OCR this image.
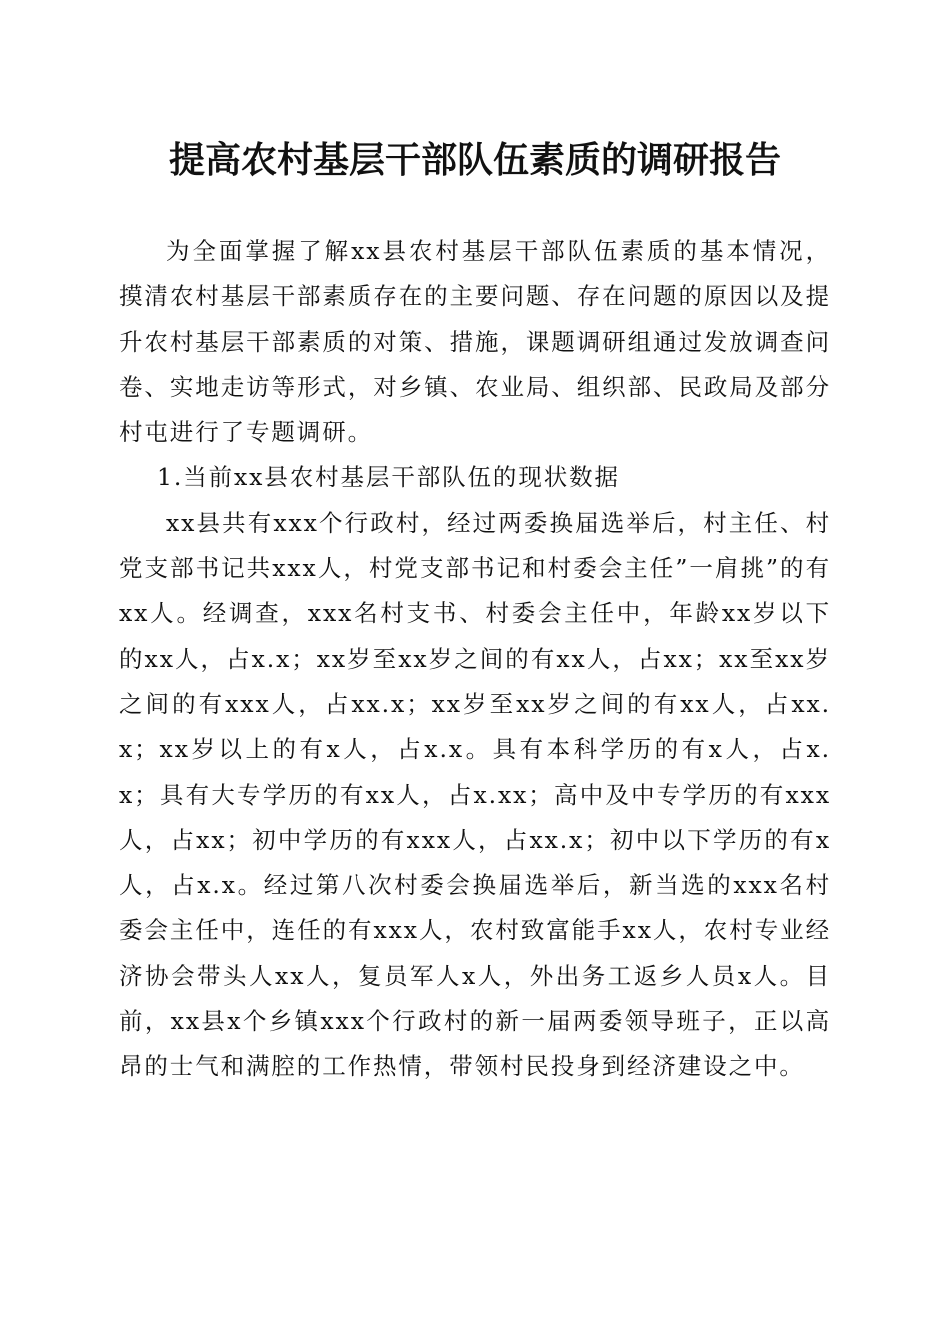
提高农村基层干部队伍素质的调研报告

为全面掌握了解xx县农村基层干部队伍素质的基本情况，摸清农村基层干部素质存在的主要问题、存在问题的原因以及提升农村基层干部素质的对策、措施，课题调研组通过发放调查问卷、实地走访等形式，对乡镇、农业局、组织部、民政局及部分村屯进行了专题调研。

1.当前xx县农村基层干部队伍的现状数据

xx县共有xxx个行政村，经过两委换届选举后，村主任、村党支部书记共xxx人，村党支部书记和村委会主任”一肩挑”的有xx人。经调查，xxx名村支书、村委会主任中，年龄xx岁以下的xx人，占x.x；xx岁至xx岁之间的有xx人，占xx；xx至xx岁之间的有xxx人，占xx.x；xx岁至xx岁之间的有xx人，占xx.x；xx岁以上的有x人，占x.x。具有本科学历的有x人，占x.x；具有大专学历的有xx人，占x.xx；高中及中专学历的有xxx人，占xx；初中学历的有xxx人，占xx.x；初中以下学历的有x人，占x.x。经过第八次村委会换届选举后，新当选的xxx名村委会主任中，连任的有xxx人，农村致富能手xx人，农村专业经济协会带头人xx人，复员军人x人，外出务工返乡人员x人。目前，xx县x个乡镇xxx个行政村的新一届两委领导班子，正以高昂的士气和满腔的工作热情，带领村民投身到经济建设之中。
